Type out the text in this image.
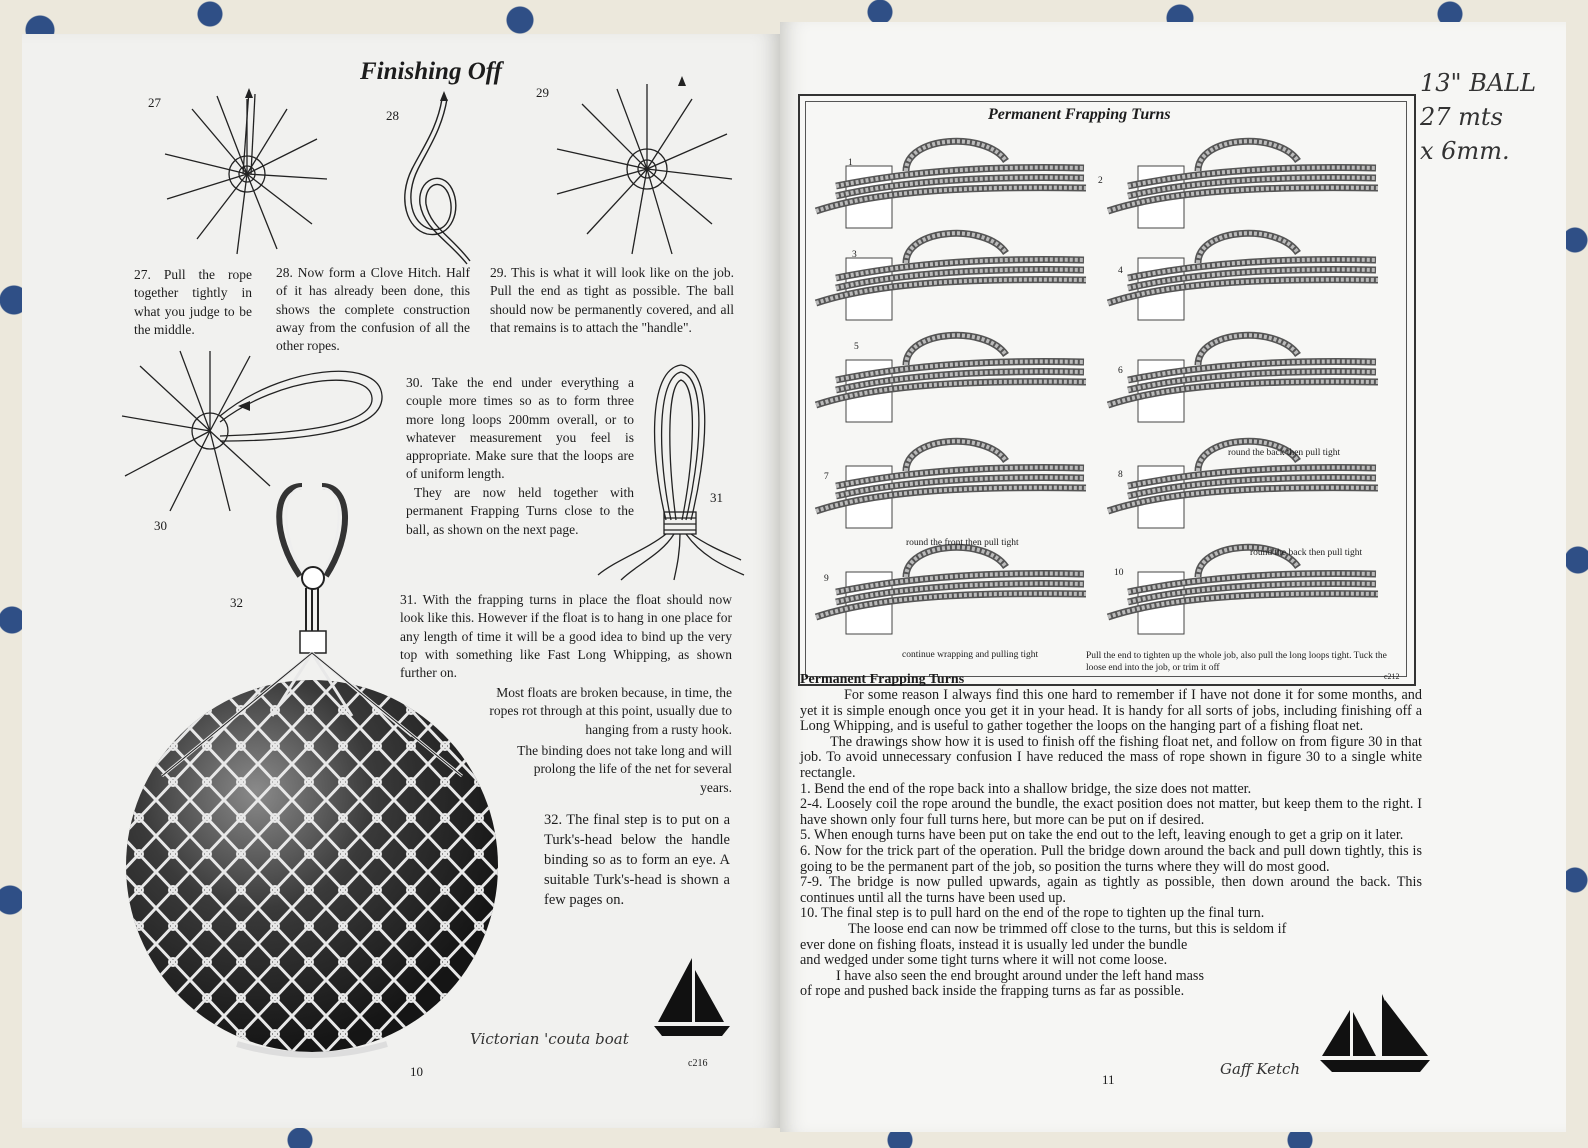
Finishing Off
27
28
29
27. Pull the rope together tightly in what you judge to be the middle.
28. Now form a Clove Hitch. Half of it has already been done, this shows the complete construction away from the confusion of all the other ropes.
29. This is what it will look like on the job. Pull the end as tight as possible. The ball should now be permanently covered, and all that remains is to attach the "handle".
30
30. Take the end under everything a couple more times so as to form three more long loops 200mm overall, or to whatever measurement you feel is appropriate. Make sure that the loops are of uniform length.
They are now held together with permanent Frapping Turns close to the ball, as shown on the next page.
31
32	31. With the frapping turns in place the float should now look like this. However if the float is to hang in one place for any length of time it will be a good idea to bind up the very top with something like Fast Long Whipping, as shown further on.
Most floats are broken because, in time, the ropes rot through at this point, usually due to hanging from a rusty hook.
The binding does not take long and will prolong the life of the net for several years.
32. The final step is to put on a Turk's-head below the handle binding so as to form an eye. A suitable Turk's-head is shown a few pages on.
Victorian 'couta boat
c216
10
Permanent Frapping Turns
1
2
3
4
5
6
7	8
9
10
round the back then pull tight
round the front then pull tight
round the back then pull tight
continue wrapping and pulling tight	Pull the end to tighten up the whole job, also pull the long loops tight. Tuck the loose end into the job, or trim it off
c212
13" BALL
27 mts
x 6mm.
Permanent Frapping Turns

For some reason I always find this one hard to remember if I have not done it for some months, and yet it is simple enough once you get it in your head. It is handy for all sorts of jobs, including finishing off a Long Whipping, and is useful to gather together the loops on the hanging part of a fishing float net.

The drawings show how it is used to finish off the fishing float net, and follow on from figure 30 in that job. To avoid unnecessary confusion I have reduced the mass of rope shown in figure 30 to a single white rectangle.

1. Bend the end of the rope back into a shallow bridge, the size does not matter.

2-4. Loosely coil the rope around the bundle, the exact position does not matter, but keep them to the right. I have shown only four full turns here, but more can be put on if desired.

5. When enough turns have been put on take the end out to the left, leaving enough to get a grip on it later.

6. Now for the trick part of the operation. Pull the bridge down around the back and pull down tightly, this is going to be the permanent part of the job, so position the turns where they will do most good.

7-9. The bridge is now pulled upwards, again as tightly as possible, then down around the back. This continues until all the turns have been used up.

10. The final step is to pull hard on the end of the rope to tighten up the final turn.

The loose end can now be trimmed off close to the turns, but this is seldom if

ever done on fishing floats, instead it is usually led under the bundle

and wedged under some tight turns where it will not come loose.

I have also seen the end brought around under the left hand mass

of rope and pushed back inside the frapping turns as far as possible.

Gaff Ketch
11
